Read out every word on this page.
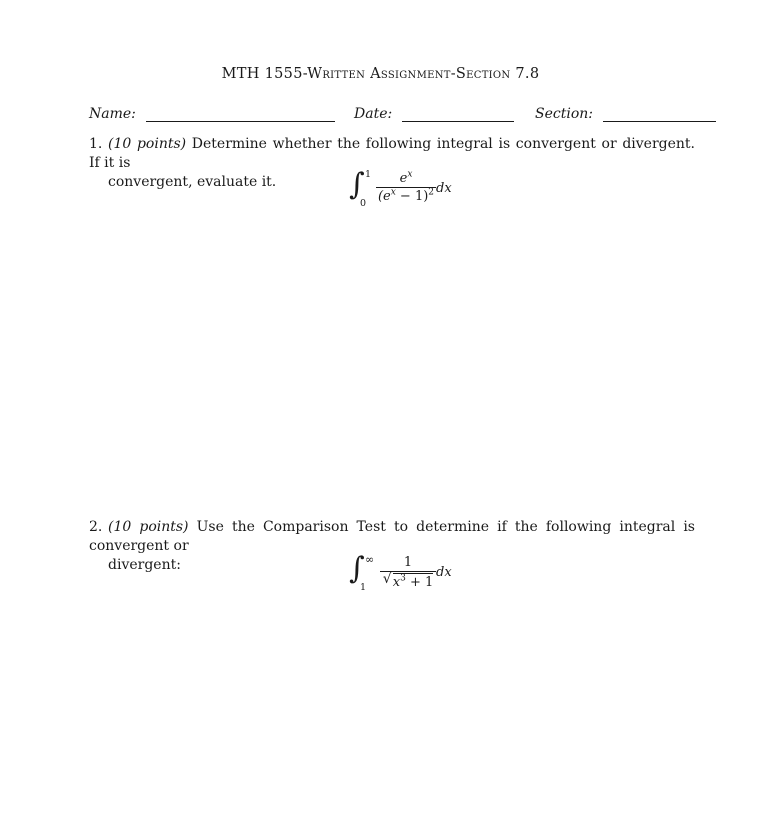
MTH 1555-Written Assignment-Section 7.8
Name:	Date:	Section:
1. (10 points) Determine whether the following integral is convergent or divergent. If it is
convergent, evaluate it.	∫ 1
0
$e^x$
$(e^x - 1)^2$ dx
2. (10 points) Use the Comparison Test to determine if the following integral is convergent or
divergent:	∫ ∞
1
1
√ $x^3 + 1$
dx
